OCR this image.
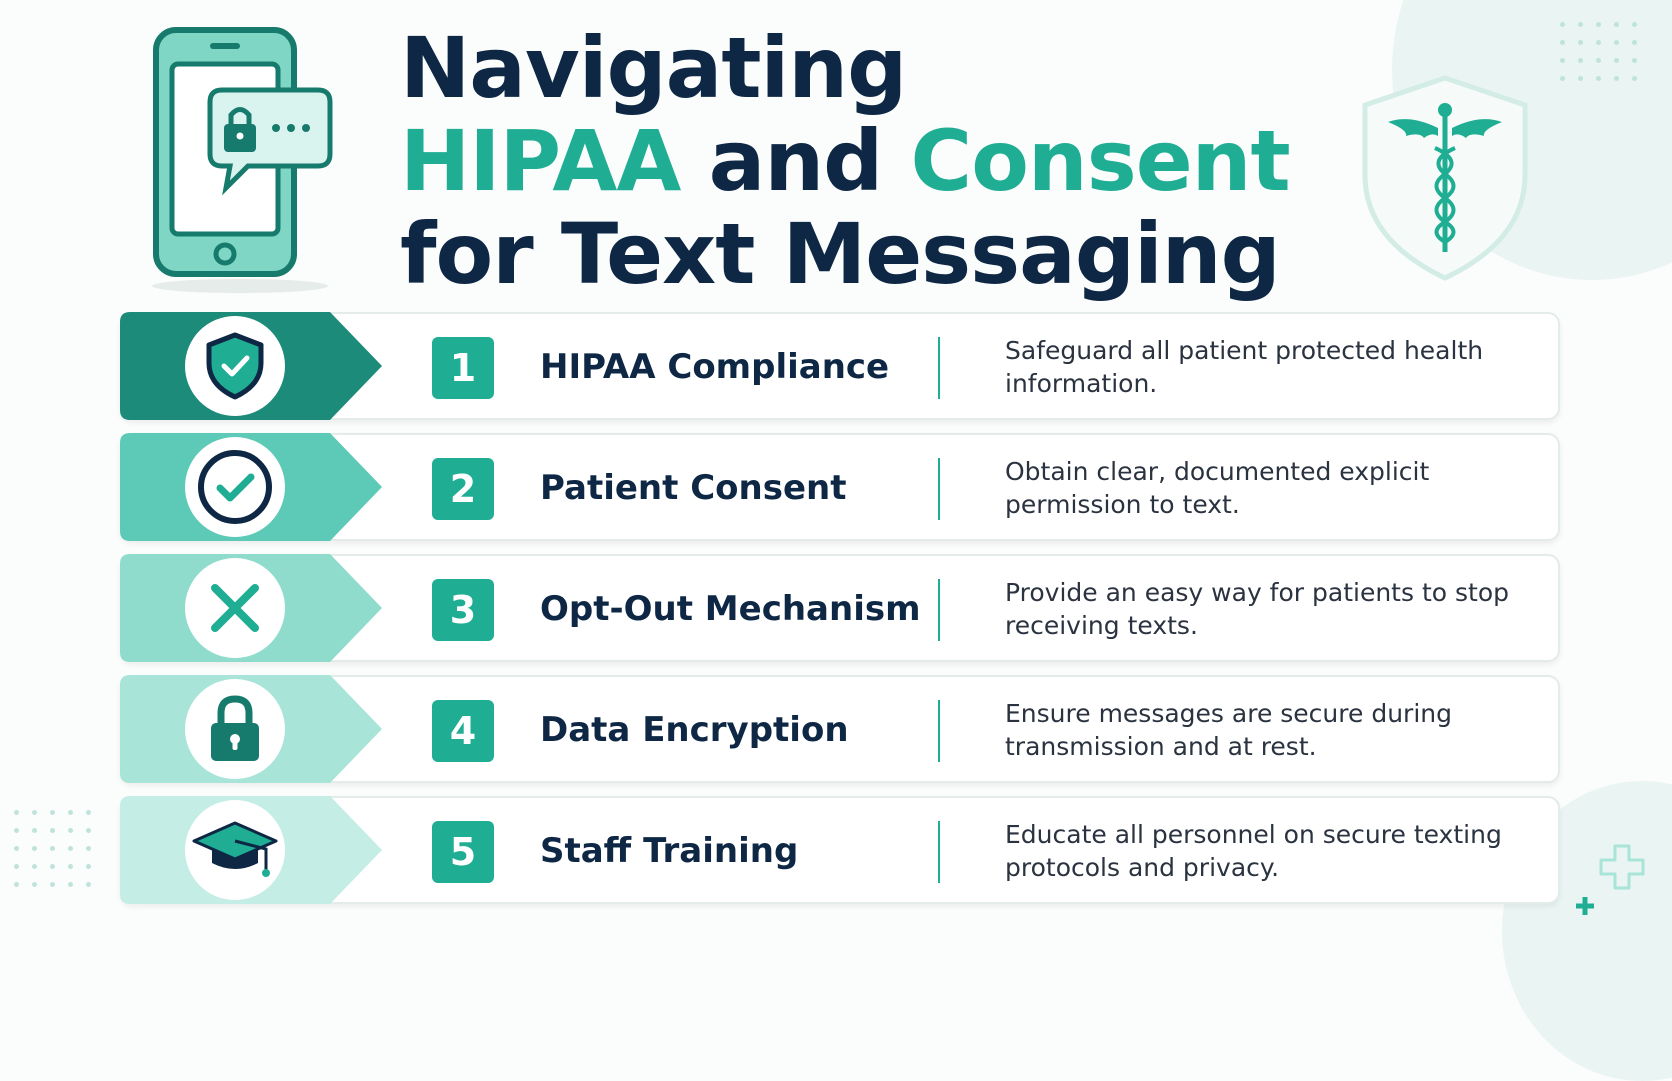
Navigating
HIPAA and Consent
for Text Messaging
1	HIPAA Compliance	Safeguard all patient protected health information.
2	Patient Consent	Obtain clear, documented explicit permission to text.
3	Opt-Out Mechanism	Provide an easy way for patients to stop receiving texts.
4	Data Encryption	Ensure messages are secure during transmission and at rest.
5	Staff Training	Educate all personnel on secure texting protocols and privacy.
